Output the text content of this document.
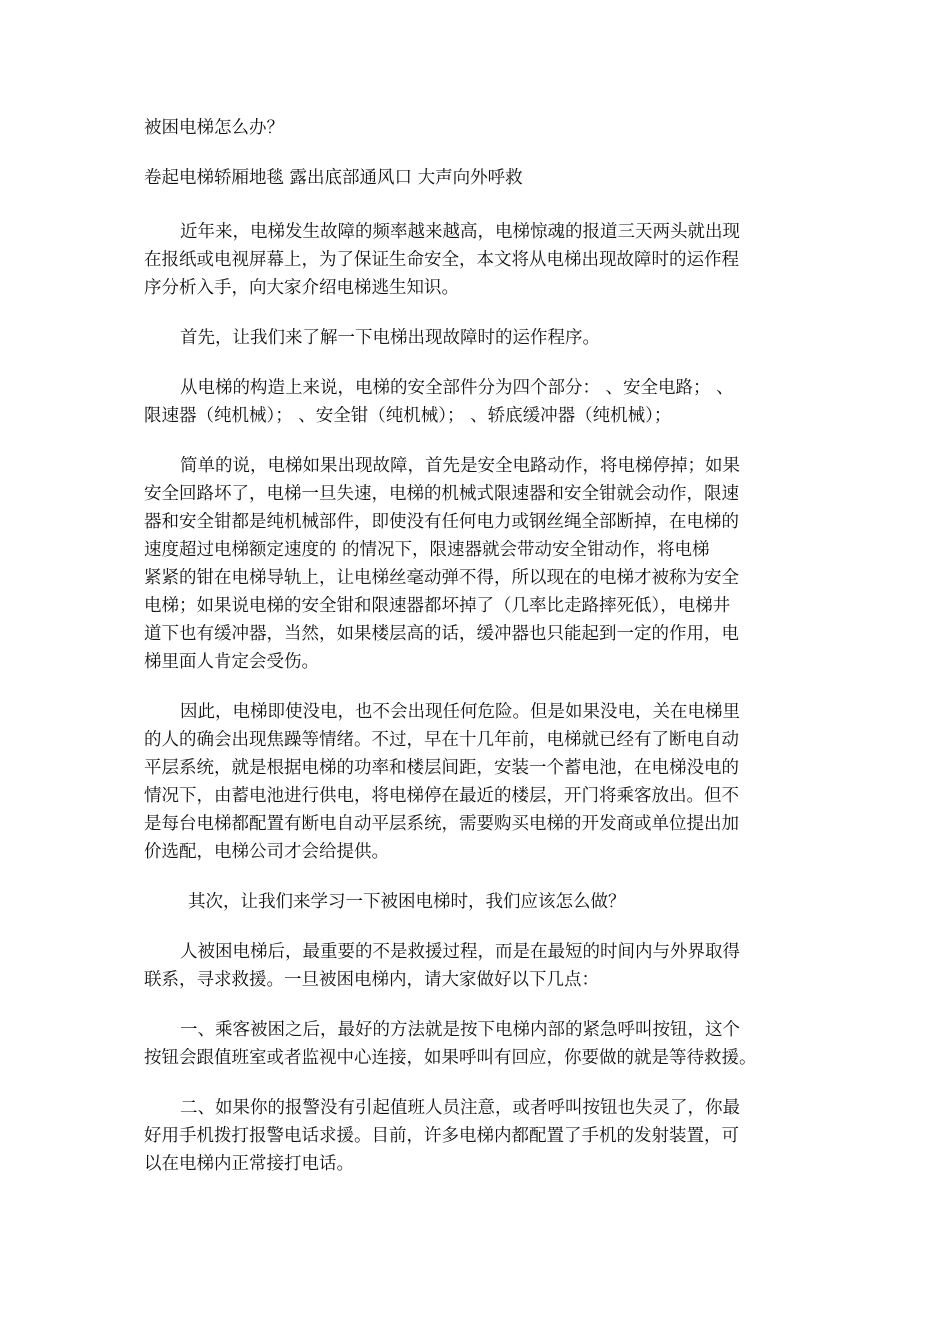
被困电梯怎么办？
卷起电梯轿厢地毯 露出底部通风口 大声向外呼救
近年来，电梯发生故障的频率越来越高，电梯惊魂的报道三天两头就出现
在报纸或电视屏幕上，为了保证生命安全，本文将从电梯出现故障时的运作程
序分析入手，向大家介绍电梯逃生知识。
首先，让我们来了解一下电梯出现故障时的运作程序。
从电梯的构造上来说，电梯的安全部件分为四个部分： 、安全电路； 、
限速器（纯机械）； 、安全钳（纯机械）； 、轿底缓冲器（纯机械）；
简单的说，电梯如果出现故障，首先是安全电路动作，将电梯停掉；如果
安全回路坏了，电梯一旦失速，电梯的机械式限速器和安全钳就会动作，限速
器和安全钳都是纯机械部件，即使没有任何电力或钢丝绳全部断掉，在电梯的
速度超过电梯额定速度的 的情况下，限速器就会带动安全钳动作，将电梯
紧紧的钳在电梯导轨上，让电梯丝毫动弹不得，所以现在的电梯才被称为安全
电梯；如果说电梯的安全钳和限速器都坏掉了（几率比走路摔死低），电梯井
道下也有缓冲器，当然，如果楼层高的话，缓冲器也只能起到一定的作用，电
梯里面人肯定会受伤。
因此，电梯即使没电，也不会出现任何危险。但是如果没电，关在电梯里
的人的确会出现焦躁等情绪。不过，早在十几年前，电梯就已经有了断电自动
平层系统，就是根据电梯的功率和楼层间距，安装一个蓄电池，在电梯没电的
情况下，由蓄电池进行供电，将电梯停在最近的楼层，开门将乘客放出。但不
是每台电梯都配置有断电自动平层系统，需要购买电梯的开发商或单位提出加
价选配，电梯公司才会给提供。
其次，让我们来学习一下被困电梯时，我们应该怎么做？
人被困电梯后，最重要的不是救援过程，而是在最短的时间内与外界取得
联系，寻求救援。一旦被困电梯内，请大家做好以下几点：
一、乘客被困之后，最好的方法就是按下电梯内部的紧急呼叫按钮，这个
按钮会跟值班室或者监视中心连接，如果呼叫有回应，你要做的就是等待救援。
二、如果你的报警没有引起值班人员注意，或者呼叫按钮也失灵了，你最
好用手机拨打报警电话求援。目前，许多电梯内都配置了手机的发射装置，可
以在电梯内正常接打电话。
